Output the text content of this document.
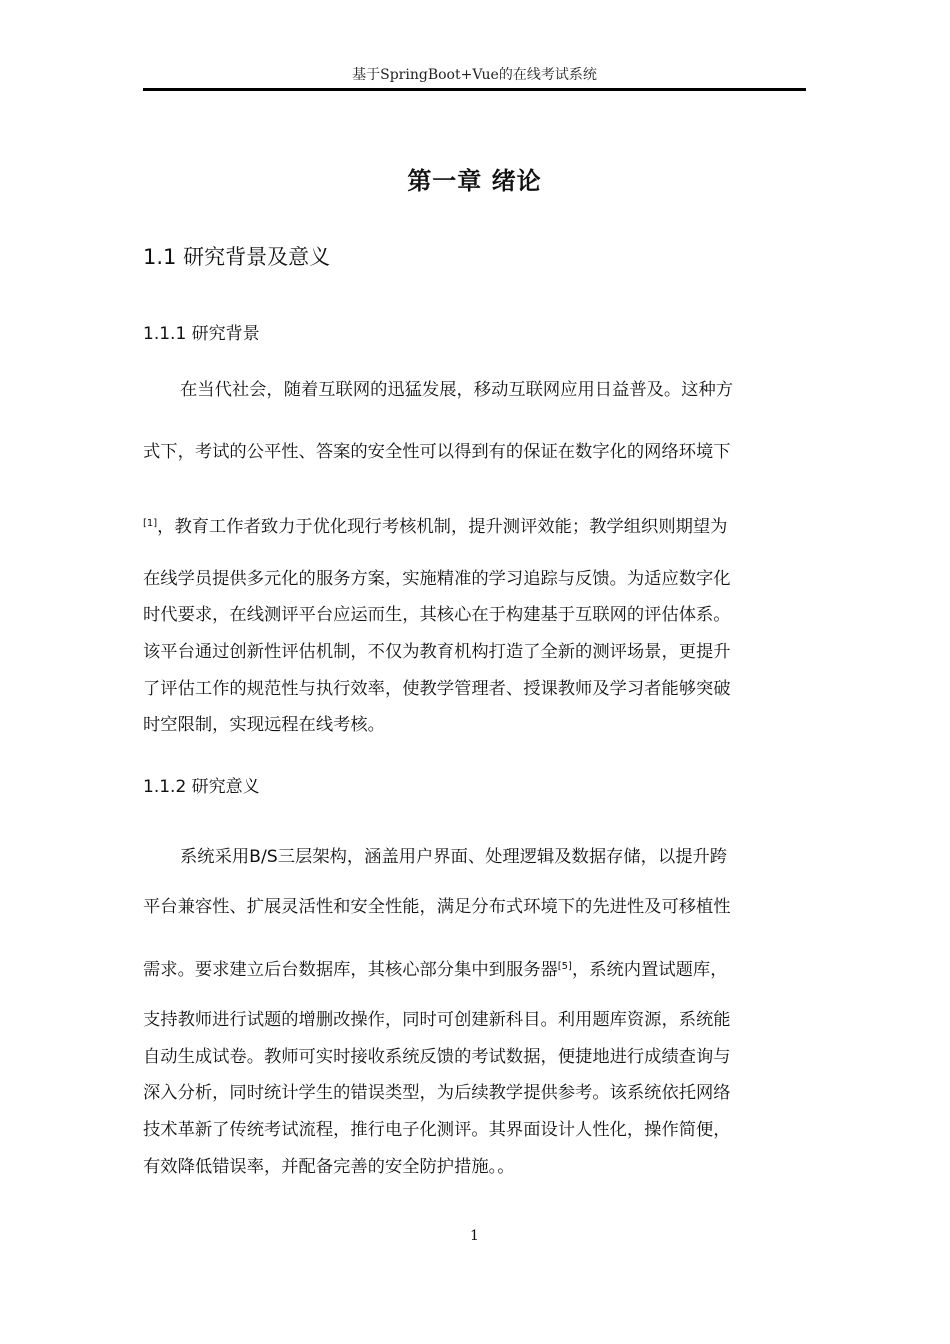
基于SpringBoot+Vue的在线考试系统
第一章 绪论
1.1 研究背景及意义
1.1.1 研究背景
在当代社会，随着互联网的迅猛发展，移动互联网应用日益普及。这种方
式下，考试的公平性、答案的安全性可以得到有的保证在数字化的网络环境下
[1]，教育工作者致力于优化现行考核机制，提升测评效能；教学组织则期望为
在线学员提供多元化的服务方案，实施精准的学习追踪与反馈。为适应数字化
时代要求，在线测评平台应运而生，其核心在于构建基于互联网的评估体系。
该平台通过创新性评估机制，不仅为教育机构打造了全新的测评场景，更提升
了评估工作的规范性与执行效率，使教学管理者、授课教师及学习者能够突破
时空限制，实现远程在线考核。
1.1.2 研究意义
系统采用B/S三层架构，涵盖用户界面、处理逻辑及数据存储，以提升跨
平台兼容性、扩展灵活性和安全性能，满足分布式环境下的先进性及可移植性
需求。要求建立后台数据库，其核心部分集中到服务器[5]，系统内置试题库，
支持教师进行试题的增删改操作，同时可创建新科目。利用题库资源，系统能
自动生成试卷。教师可实时接收系统反馈的考试数据，便捷地进行成绩查询与
深入分析，同时统计学生的错误类型，为后续教学提供参考。该系统依托网络
技术革新了传统考试流程，推行电子化测评。其界面设计人性化，操作简便，
有效降低错误率，并配备完善的安全防护措施。。
1
